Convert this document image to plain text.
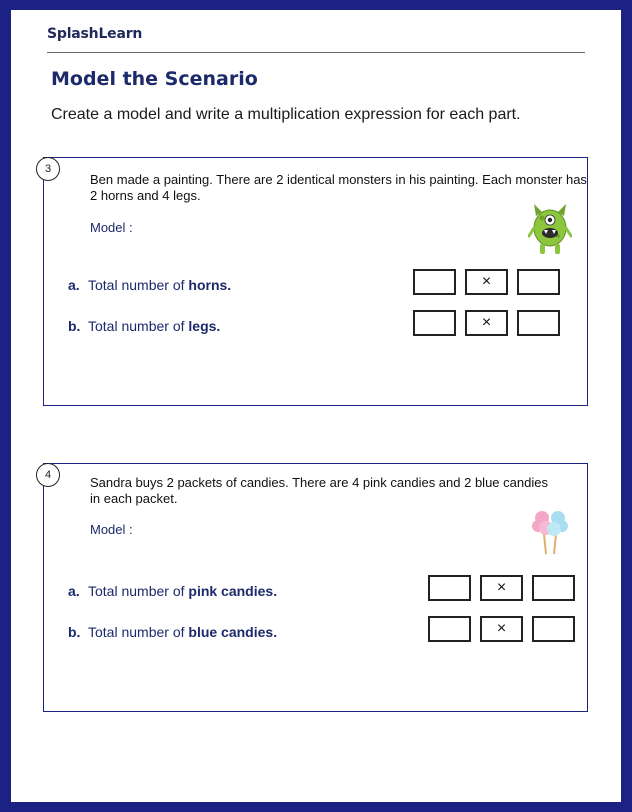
SplashLearn
Model the Scenario
Create a model and write a multiplication expression for each part.
3
Ben made a painting. There are 2 identical monsters in his painting. Each monster has
2 horns and 4 legs.
Model :
a. Total number of horns.	×
b. Total number of legs.	×
4	Sandra buys 2 packets of candies. There are 4 pink candies and 2 blue candies
in each packet.
Model :
a. Total number of pink candies.	×
b. Total number of blue candies.	×
